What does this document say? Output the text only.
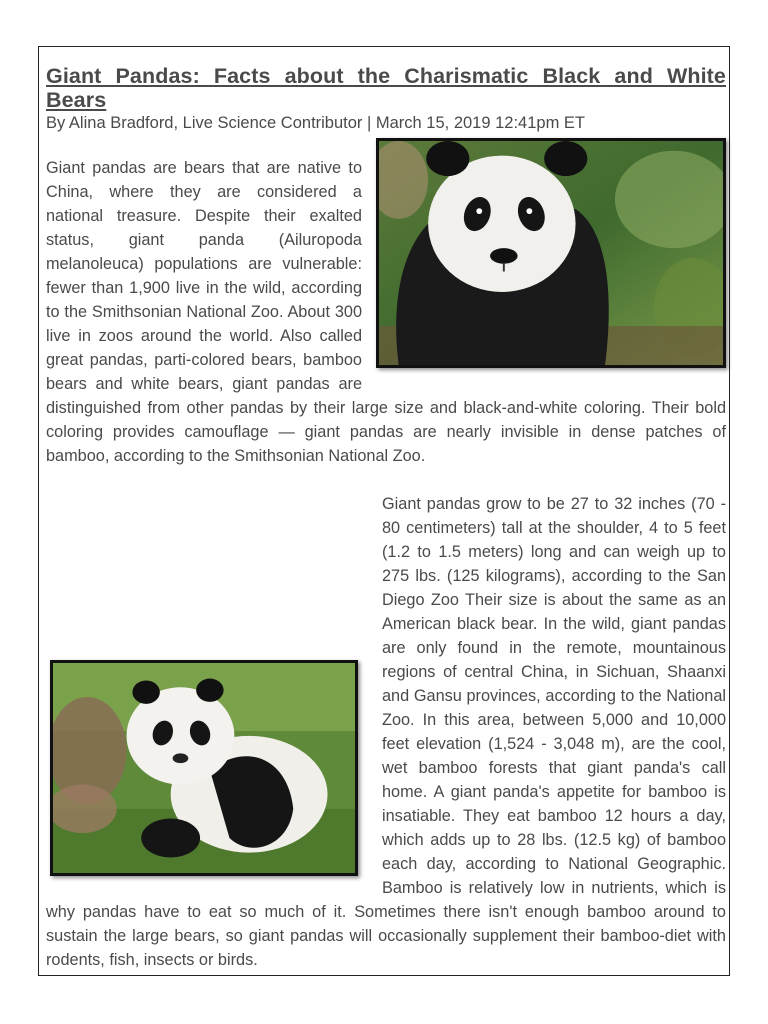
Giant Pandas: Facts about the Charismatic Black and White Bears
By Alina Bradford, Live Science Contributor | March 15, 2019 12:41pm ET

Giant pandas are bears that are native to China, where they are considered a national treasure. Despite their exalted status, giant panda (Ailuropoda melanoleuca) populations are vulnerable: fewer than 1,900 live in the wild, according to the Smithsonian National Zoo. About 300 live in zoos around the world. Also called great pandas, parti-colored bears, bamboo bears and white bears, giant pandas are distinguished from other pandas by their large size and black-and-white coloring. Their bold coloring provides camouflage — giant pandas are nearly invisible in dense patches of bamboo, according to the Smithsonian National Zoo.

Giant pandas grow to be 27 to 32 inches (70 - 80 centimeters) tall at the shoulder, 4 to 5 feet (1.2 to 1.5 meters) long and can weigh up to 275 lbs. (125 kilograms), according to the San Diego Zoo Their size is about the same as an American black bear. In the wild, giant pandas are only found in the remote, mountainous regions of central China, in Sichuan, Shaanxi and Gansu provinces, according to the National Zoo. In this area, between 5,000 and 10,000 feet elevation (1,524 - 3,048 m), are the cool, wet bamboo forests that giant panda's call home. A giant panda's appetite for bamboo is insatiable. They eat bamboo 12 hours a day, which adds up to 28 lbs. (12.5 kg) of bamboo each day, according to National Geographic. Bamboo is relatively low in nutrients, which is why pandas have to eat so much of it. Sometimes there isn't enough bamboo around to sustain the large bears, so giant pandas will occasionally supplement their bamboo-diet with rodents, fish, insects or birds.
